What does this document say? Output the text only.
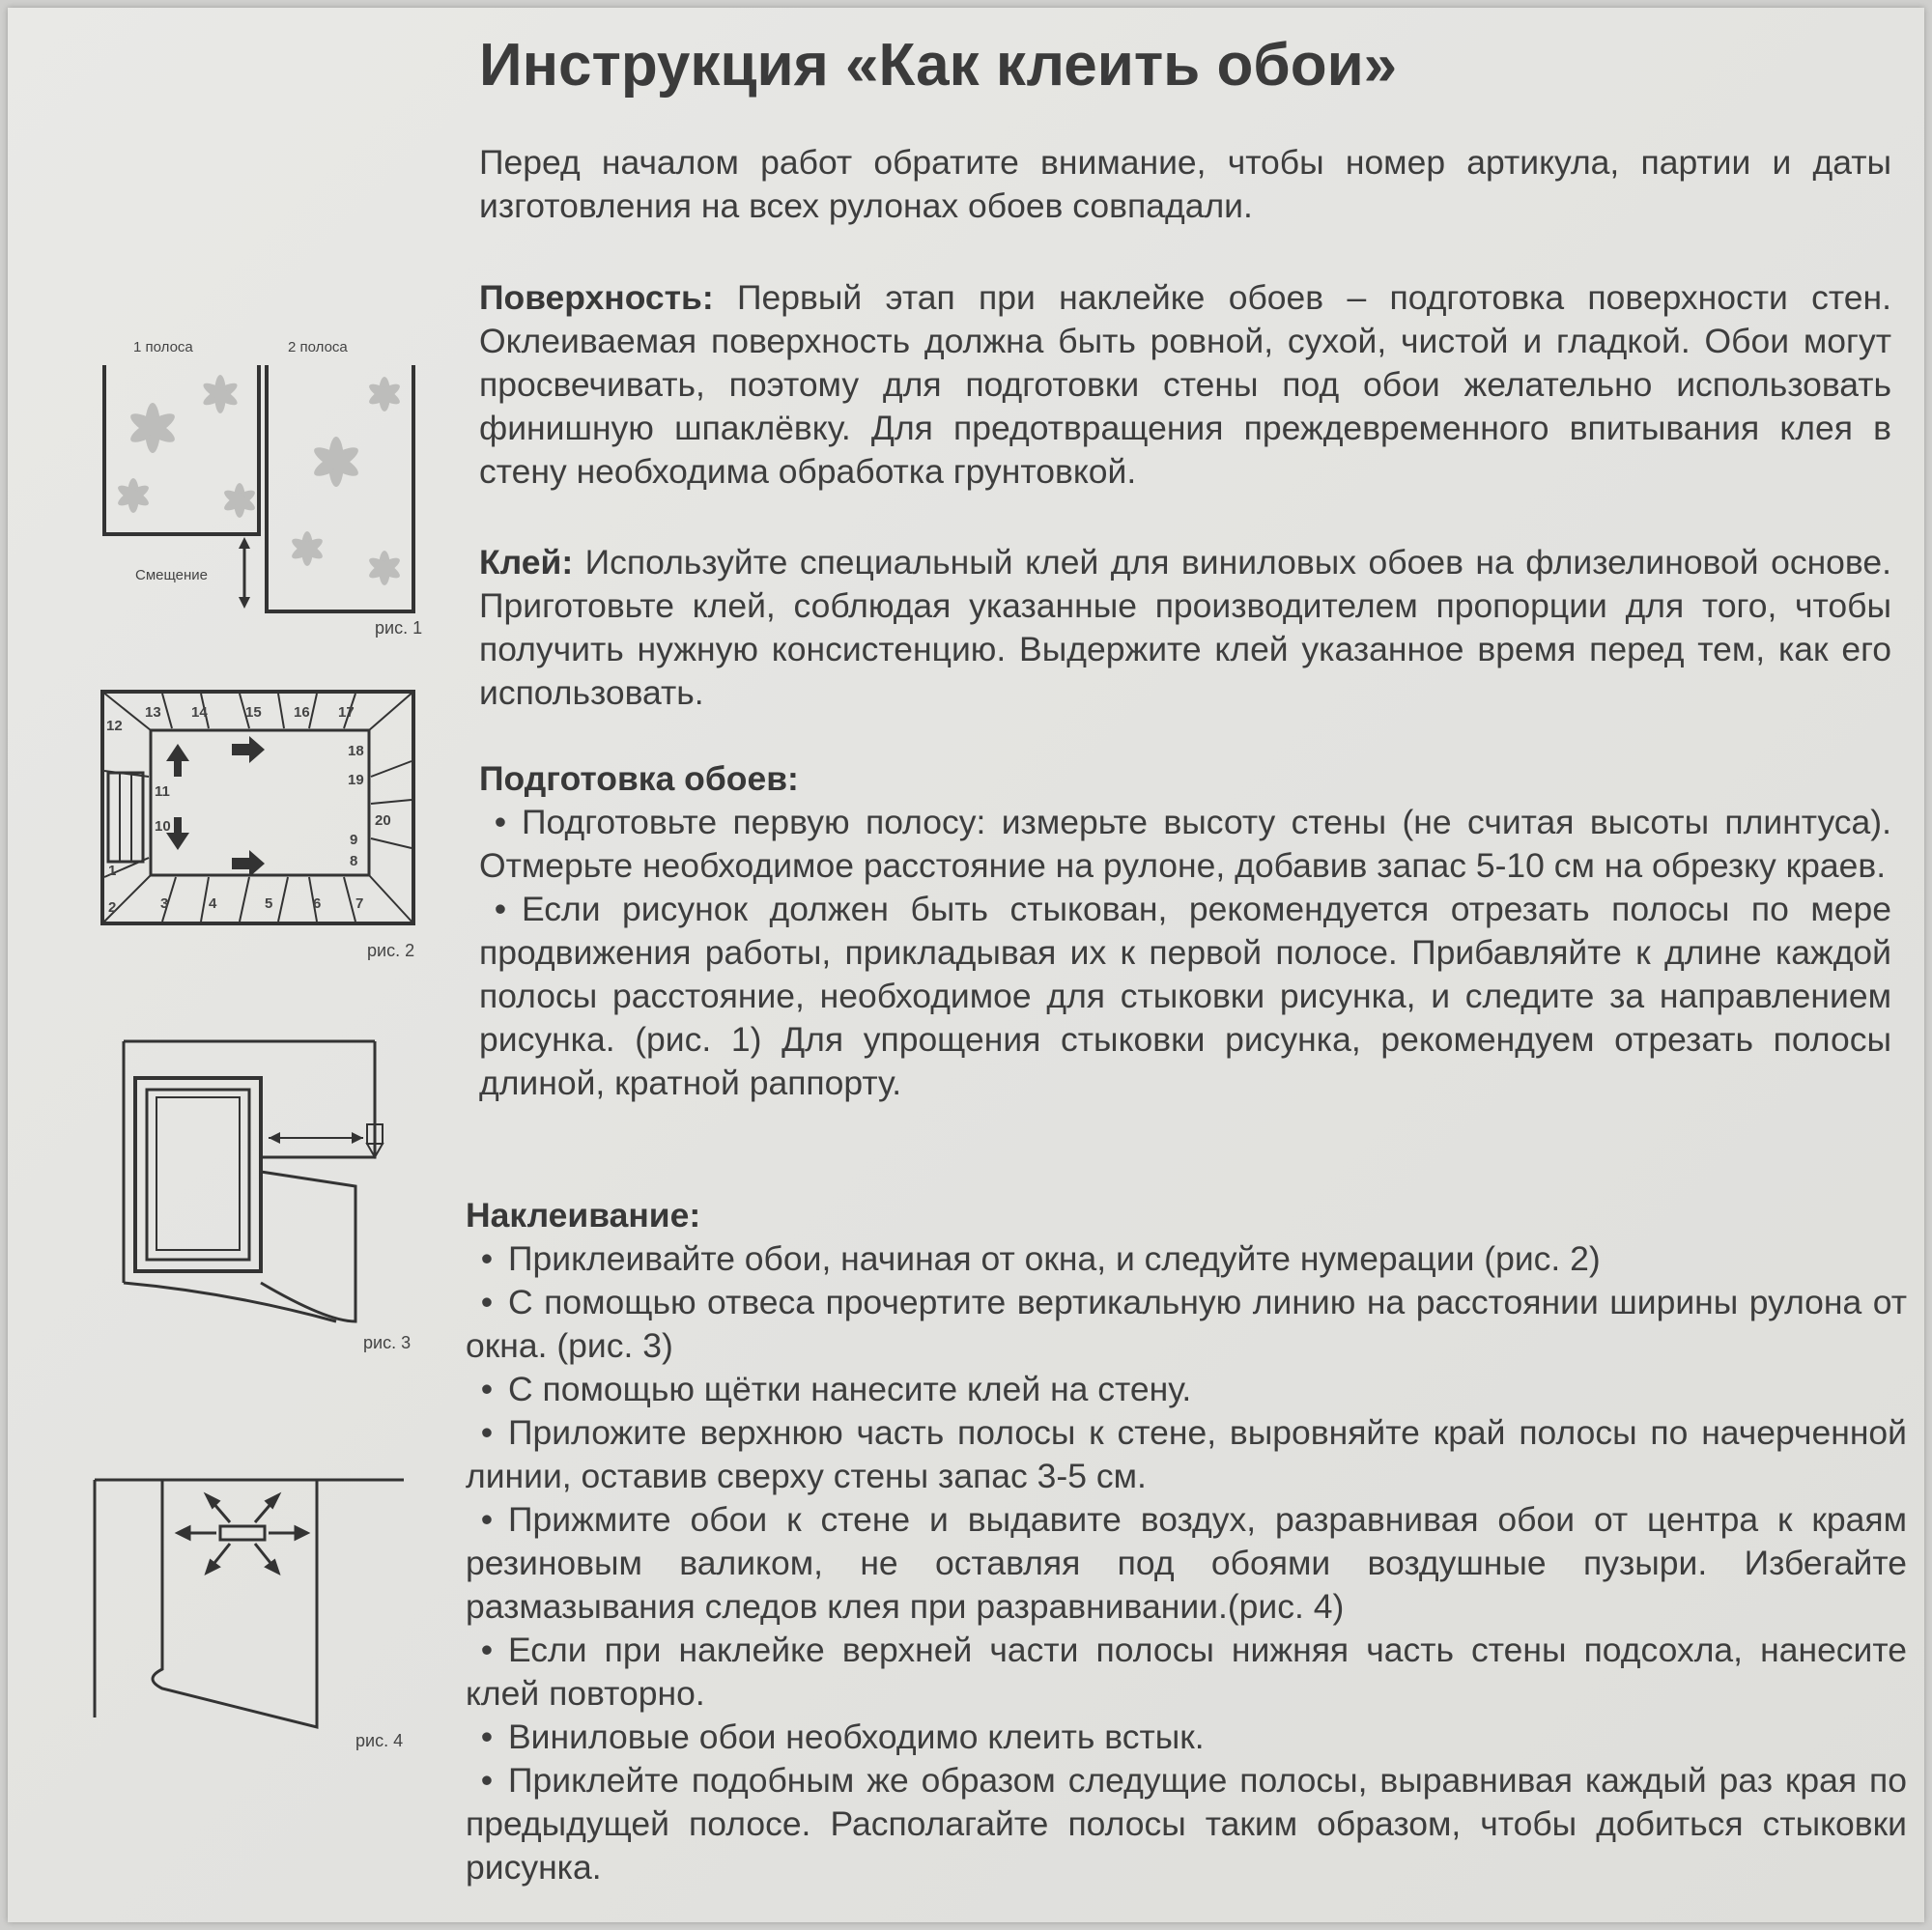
Инструкция «Как клеить обои»

Перед началом работ обратите внимание, чтобы номер артикула, партии и даты изготовления на всех рулонах обоев совпадали.

Поверхность: Первый этап при наклейке обоев – подготовка поверхности стен. Оклеиваемая поверхность должна быть ровной, сухой, чистой и гладкой. Обои могут просвечивать, поэтому для подготовки стены под обои желательно использовать финишную шпаклёвку. Для предотвращения преждевременного впитывания клея в стену необходима обработка грунтовкой.

Клей: Используйте специальный клей для виниловых обоев на флизелиновой основе. Приготовьте клей, соблюдая указанные производителем пропорции для того, чтобы получить нужную консистенцию. Выдержите клей указанное время перед тем, как его использовать.

Подготовка обоев:

• Подготовьте первую полосу: измерьте высоту стены (не считая высоты плинтуса). Отмерьте необходимое расстояние на рулоне, добавив запас 5-10 см на обрезку краев.

• Если рисунок должен быть стыкован, рекомендуется отрезать полосы по мере продвижения работы, прикладывая их к первой полосе. Прибавляйте к длине каждой полосы расстояние, необходимое для стыковки рисунка, и следите за направлением рисунка. (рис. 1) Для упрощения стыковки рисунка, рекомендуем отрезать полосы длиной, кратной раппорту.

Наклеивание:

• Приклеивайте обои, начиная от окна, и следуйте нумерации (рис. 2)

• С помощью отвеса прочертите вертикальную линию на расстоянии ширины рулона от окна. (рис. 3)

• С помощью щётки нанесите клей на стену.

• Приложите верхнюю часть полосы к стене, выровняйте край полосы по начерченной линии, оставив сверху стены запас 3-5 см.

• Прижмите обои к стене и выдавите воздух, разравнивая обои от центра к краям резиновым валиком, не оставляя под обоями воздушные пузыри. Избегайте размазывания следов клея при разравнивании.(рис. 4)

• Если при наклейке верхней части полосы нижняя часть стены подсохла, нанесите клей повторно.

• Виниловые обои необходимо клеить встык.

• Приклейте подобным же образом следущие полосы, выравнивая каждый раз края по предыдущей полосе. Располагайте полосы таким образом, чтобы добиться стыковки рисунка.

1 полоса	2 полоса
Смещение
рис. 1
13 14	15 16 17
2	3	4	5	6 7
12
11
10
1
18
19
20
9
8
рис. 2
рис. 3
рис. 4
